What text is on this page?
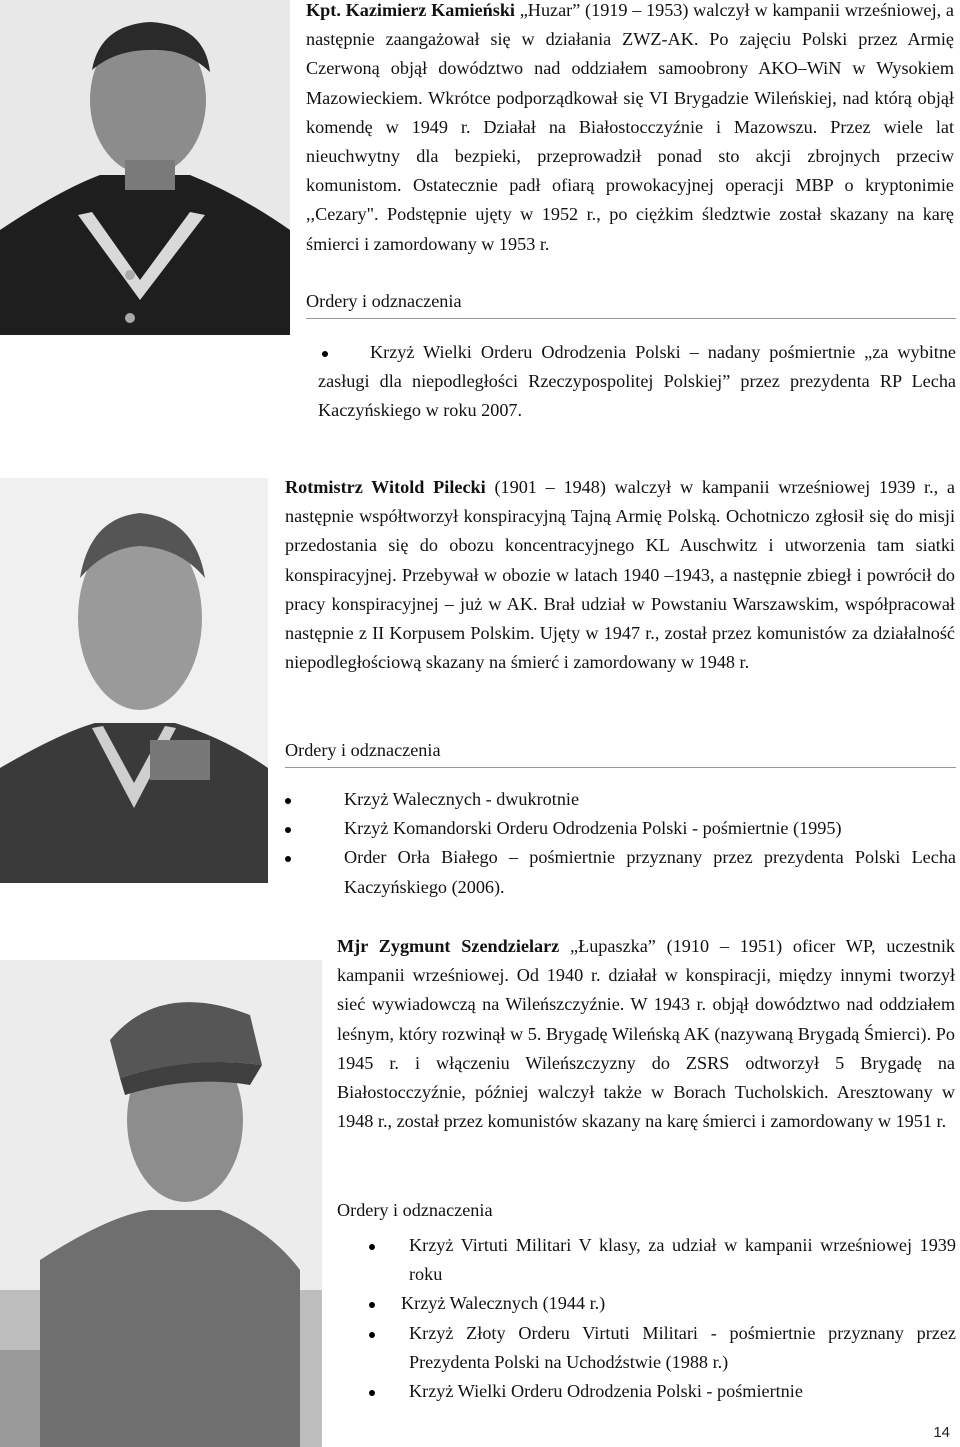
Kpt. Kazimierz Kamieński „Huzar” (1919 – 1953) walczył w kampanii wrześniowej, a następnie zaangażował się w działania ZWZ-AK. Po zajęciu Polski przez Armię Czerwoną objął dowództwo nad oddziałem samoobrony AKO–WiN w Wysokiem Mazowieckiem. Wkrótce podporządkował się VI Brygadzie Wileńskiej, nad którą objął komendę w 1949 r. Działał na Białostocczyźnie i Mazowszu. Przez wiele lat nieuchwytny dla bezpieki, przeprowadził ponad sto akcji zbrojnych przeciw komunistom. Ostatecznie padł ofiarą prowokacyjnej operacji MBP o kryptonimie ,,Cezary". Podstępnie ujęty w 1952 r., po ciężkim śledztwie został skazany na karę śmierci i zamordowany w 1953 r.
Ordery i odznaczenia
Krzyż Wielki Orderu Odrodzenia Polski – nadany pośmiertnie „za wybitne zasługi dla niepodległości Rzeczypospolitej Polskiej” przez prezydenta RP Lecha Kaczyńskiego w roku 2007.
Rotmistrz Witold Pilecki (1901 – 1948) walczył w kampanii wrześniowej 1939 r., a następnie współtworzył konspiracyjną Tajną Armię Polską. Ochotniczo zgłosił się do misji przedostania się do obozu koncentracyjnego KL Auschwitz i utworzenia tam siatki konspiracyjnej. Przebywał w obozie w latach 1940 –1943, a następnie zbiegł i powrócił do pracy konspiracyjnej – już w AK. Brał udział w Powstaniu Warszawskim, współpracował następnie z II Korpusem Polskim. Ujęty w 1947 r., został przez komunistów za działalność niepodległościową skazany na śmierć i zamordowany w 1948 r.
Ordery i odznaczenia
Krzyż Walecznych - dwukrotnie
Krzyż Komandorski Orderu Odrodzenia Polski - pośmiertnie (1995)
Order Orła Białego – pośmiertnie przyznany przez prezydenta Polski Lecha Kaczyńskiego (2006).
Mjr Zygmunt Szendzielarz „Łupaszka” (1910 – 1951) oficer WP, uczestnik kampanii wrześniowej. Od 1940 r. działał w konspiracji, między innymi tworzył sieć wywiadowczą na Wileńszczyźnie. W 1943 r. objął dowództwo nad oddziałem leśnym, który rozwinął w 5. Brygadę Wileńską AK (nazywaną Brygadą Śmierci). Po 1945 r. i włączeniu Wileńszczyzny do ZSRS odtworzył 5 Brygadę na Białostocczyźnie, później walczył także w Borach Tucholskich. Aresztowany w 1948 r., został przez komunistów skazany na karę śmierci i zamordowany w 1951 r.
Ordery i odznaczenia
Krzyż Virtuti Militari V klasy, za udział w kampanii wrześniowej 1939 roku
Krzyż Walecznych (1944 r.)
Krzyż Złoty Orderu Virtuti Militari - pośmiertnie przyznany przez Prezydenta Polski na Uchodźstwie (1988 r.)
Krzyż Wielki Orderu Odrodzenia Polski - pośmiertnie
14
